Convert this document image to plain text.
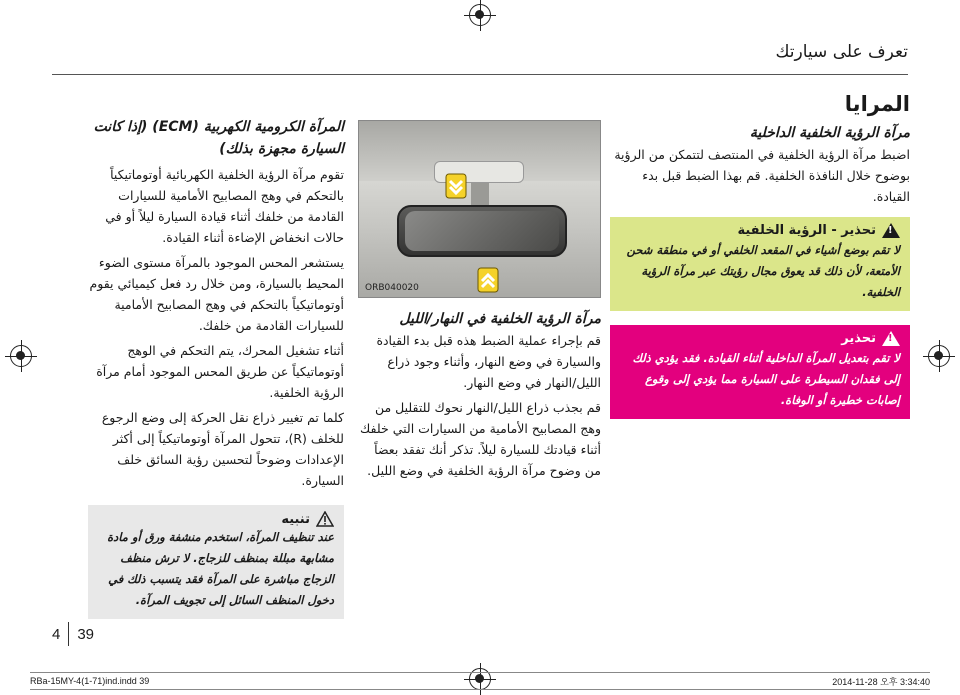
تعرف على سيارتك
المرايا
مرآة الرؤية الخلفية الداخلية
اضبط مرآة الرؤية الخلفية في المنتصف لتتمكن من الرؤية بوضوح خلال النافذة الخلفية. قم بهذا الضبط قبل بدء القيادة.
!
تحذير - الرؤية الخلفية
لا تقم بوضع أشياء في المقعد الخلفي أو في منطقة شحن الأمتعة، لأن ذلك قد يعوق مجال رؤيتك عبر مرآة الرؤية الخلفية.
!
تحذير
لا تقم بتعديل المرآة الداخلية أثناء القيادة. فقد يؤدي ذلك إلى فقدان السيطرة على السيارة مما يؤدي إلى وقوع إصابات خطيرة أو الوفاة.
ORB040020
مرآة الرؤية الخلفية في النهار/الليل
قم بإجراء عملية الضبط هذه قبل بدء القيادة والسيارة في وضع النهار، وأثناء وجود ذراع الليل/النهار في وضع النهار.
قم بجذب ذراع الليل/النهار نحوك للتقليل من وهج المصابيح الأمامية من السيارات التي خلفك أثناء قيادتك للسيارة ليلاً. تذكر أنك تفقد بعضاً من وضوح مرآة الرؤية الخلفية في وضع الليل.
المرآة الكرومية الكهربية (ECM) (إذا كانت السيارة مجهزة بذلك)
تقوم مرآة الرؤية الخلفية الكهربائية أوتوماتيكياً بالتحكم في وهج المصابيح الأمامية للسيارات القادمة من خلفك أثناء قيادة السيارة ليلاً أو في حالات انخفاض الإضاءة أثناء القيادة.
يستشعر المحس الموجود بالمرآة مستوى الضوء المحيط بالسيارة، ومن خلال رد فعل كيميائي يقوم أوتوماتيكياً بالتحكم في وهج المصابيح الأمامية للسيارات القادمة من خلفك.
أثناء تشغيل المحرك، يتم التحكم في الوهج أوتوماتيكياً عن طريق المحس الموجود أمام مرآة الرؤية الخلفية.
كلما تم تغيير ذراع نقل الحركة إلى وضع الرجوع للخلف (R)، تتحول المرآة أوتوماتيكياً إلى أكثر الإعدادات وضوحاً لتحسين رؤية السائق خلف السيارة.
تنبيه
عند تنظيف المرآة، استخدم منشفة ورق أو مادة مشابهة مبللة بمنظف للزجاج. لا ترش منظف الزجاج مباشرة على المرآة فقد يتسبب ذلك في دخول المنظف السائل إلى تجويف المرآة.
4 39
RBa-15MY-4(1-71)ind.indd 39	2014-11-28 오후 3:34:40
